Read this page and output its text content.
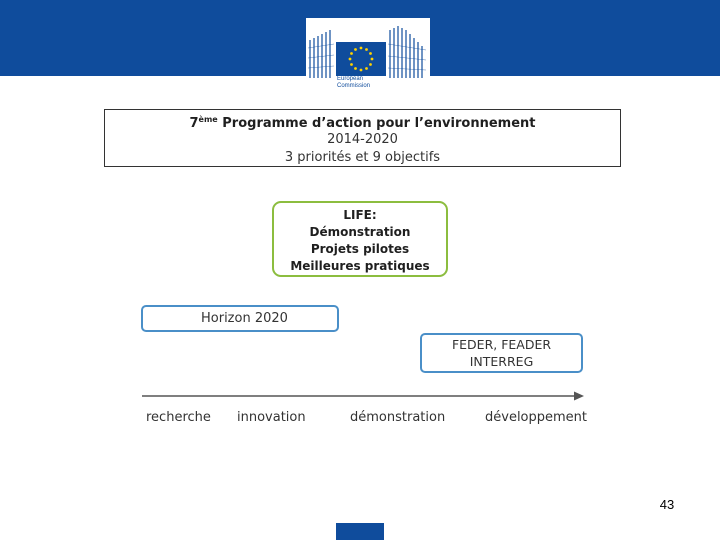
European
Commission
7ème Programme d’action pour l’environnement
2014-2020
3 priorités et 9 objectifs
LIFE:
Démonstration
Projets pilotes
Meilleures pratiques
Horizon 2020
FEDER, FEADER
INTERREG
recherche innovation	démonstration	développement
43
